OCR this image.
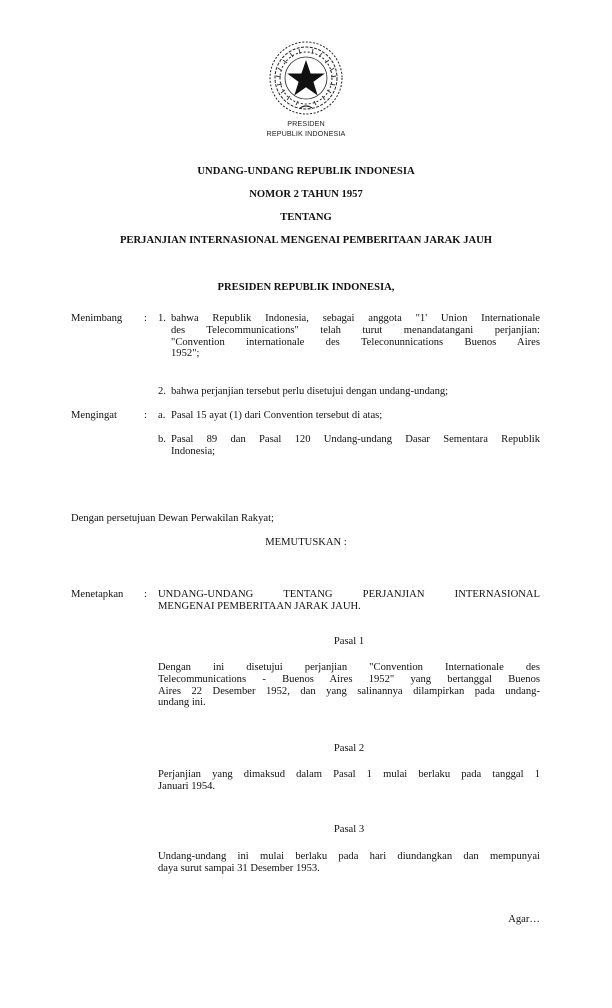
PRESIDEN
REPUBLIK INDONESIA
UNDANG-UNDANG REPUBLIK INDONESIA
NOMOR 2 TAHUN 1957
TENTANG
PERJANJIAN INTERNASIONAL MENGENAI PEMBERITAAN JARAK JAUH
PRESIDEN REPUBLIK INDONESIA,
Menimbang : 1. bahwa Republik Indonesia, sebagai anggota "1' Union Internationale
des Telecommunications" telah turut menandatangani perjanjian:
"Convention internationale des Teleconunnications Buenos Aires
1952";
2. bahwa perjanjian tersebut perlu disetujui dengan undang-undang;
Mengingat	: a. Pasal 15 ayat (1) dari Convention tersebut di atas;
b. Pasal 89 dan Pasal 120 Undang-undang Dasar Sementara Republik
Indonesia;
Dengan persetujuan Dewan Perwakilan Rakyat;
MEMUTUSKAN :
Menetapkan : UNDANG-UNDANG TENTANG PERJANJIAN INTERNASIONAL
MENGENAI PEMBERITAAN JARAK JAUH.
Pasal 1
Dengan ini disetujui perjanjian "Convention Internationale des
Telecommunications - Buenos Aires 1952" yang bertanggal Buenos
Aires 22 Desember 1952, dan yang salinannya dilampirkan pada undang-
undang ini.
Pasal 2
Perjanjian yang dimaksud dalam Pasal 1 mulai berlaku pada tanggal 1
Januari 1954.
Pasal 3
Undang-undang ini mulai berlaku pada hari diundangkan dan mempunyai
daya surut sampai 31 Desember 1953.
Agar…
